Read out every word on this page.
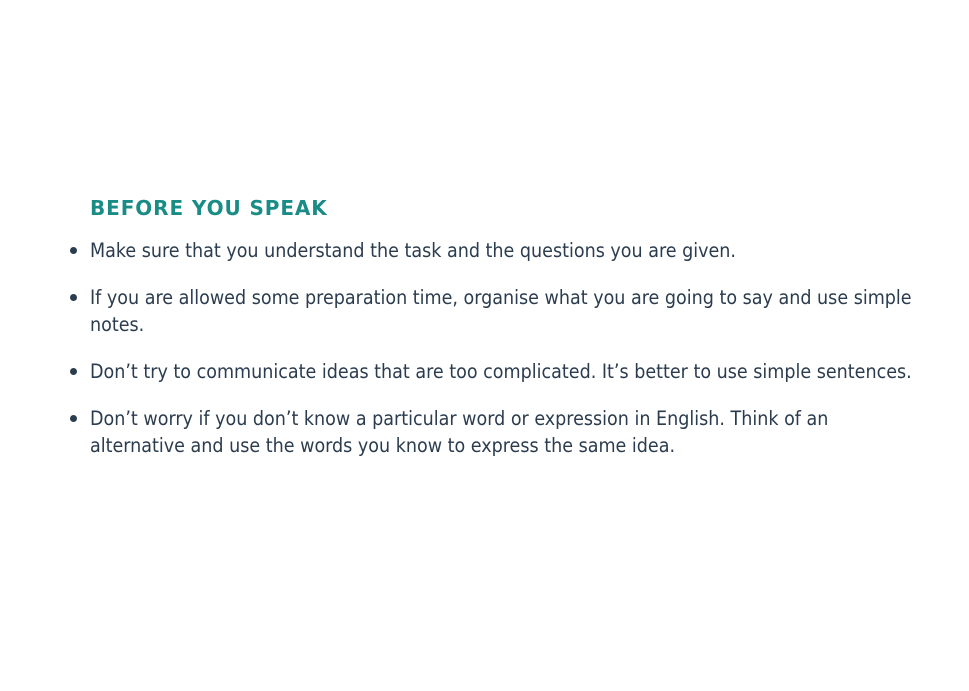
BEFORE YOU SPEAK
Make sure that you understand the task and the questions you are given.
If you are allowed some preparation time, organise what you are going to say and use simple notes.
Don’t try to communicate ideas that are too complicated. It’s better to use simple sentences.
Don’t worry if you don’t know a particular word or expression in English. Think of an alternative and use the words you know to express the same idea.
